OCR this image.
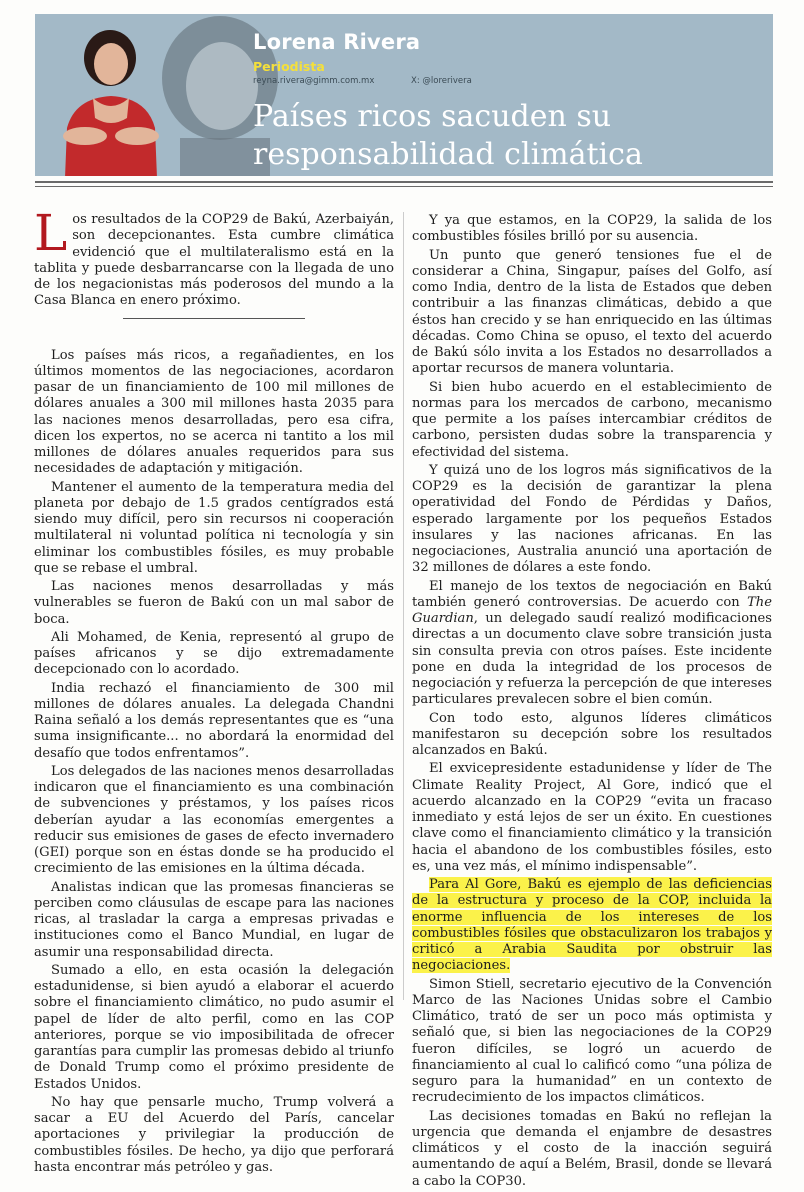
Lorena Rivera
Periodista
reyna.rivera@gimm.com.mx	X: @lorerivera
Países ricos sacuden su responsabilidad climática

Los resultados de la COP29 de Bakú, Azerbaiyán, son decepcionantes. Esta cumbre climática evidenció que el multilateralismo está en la tablita y puede desbarrancarse con la llegada de uno de los negacionistas más poderosos del mundo a la Casa Blanca en enero próximo.

Los países más ricos, a regañadientes, en los últimos momentos de las negociaciones, acordaron pasar de un financiamiento de 100 mil millones de dólares anuales a 300 mil millones hasta 2035 para las naciones menos desarrolladas, pero esa cifra, dicen los expertos, no se acerca ni tantito a los mil millones de dólares anuales requeridos para sus necesidades de adaptación y mitigación.

Mantener el aumento de la temperatura media del planeta por debajo de 1.5 grados centígrados está siendo muy difícil, pero sin recursos ni cooperación multilateral ni voluntad política ni tecnología y sin eliminar los combustibles fósiles, es muy probable que se rebase el umbral.

Las naciones menos desarrolladas y más vulnerables se fueron de Bakú con un mal sabor de boca.

Ali Mohamed, de Kenia, representó al grupo de países africanos y se dijo extremadamente decepcionado con lo acordado.

India rechazó el financiamiento de 300 mil millones de dólares anuales. La delegada Chandni Raina señaló a los demás representantes que es “una suma insignificante... no abordará la enormidad del desafío que todos enfrentamos”.

Los delegados de las naciones menos desarrolladas indicaron que el financiamiento es una combinación de subvenciones y préstamos, y los países ricos deberían ayudar a las economías emergentes a reducir sus emisiones de gases de efecto invernadero (GEI) porque son en éstas donde se ha producido el crecimiento de las emisiones en la última década.

Analistas indican que las promesas financieras se perciben como cláusulas de escape para las naciones ricas, al trasladar la carga a empresas privadas e instituciones como el Banco Mundial, en lugar de asumir una responsabilidad directa.

Sumado a ello, en esta ocasión la delegación estadunidense, si bien ayudó a elaborar el acuerdo sobre el financiamiento climático, no pudo asumir el papel de líder de alto perfil, como en las COP anteriores, porque se vio imposibilitada de ofrecer garantías para cumplir las promesas debido al triunfo de Donald Trump como el próximo presidente de Estados Unidos.

No hay que pensarle mucho, Trump volverá a sacar a EU del Acuerdo del París, cancelar aportaciones y privilegiar la producción de combustibles fósiles. De hecho, ya dijo que perforará hasta encontrar más petróleo y gas.

Y ya que estamos, en la COP29, la salida de los combustibles fósiles brilló por su ausencia.

Un punto que generó tensiones fue el de considerar a China, Singapur, países del Golfo, así como India, dentro de la lista de Estados que deben contribuir a las finanzas climáticas, debido a que éstos han crecido y se han enriquecido en las últimas décadas. Como China se opuso, el texto del acuerdo de Bakú sólo invita a los Estados no desarrollados a aportar recursos de manera voluntaria.

Si bien hubo acuerdo en el establecimiento de normas para los mercados de carbono, mecanismo que permite a los países intercambiar créditos de carbono, persisten dudas sobre la transparencia y efectividad del sistema.

Y quizá uno de los logros más significativos de la COP29 es la decisión de garantizar la plena operatividad del Fondo de Pérdidas y Daños, esperado largamente por los pequeños Estados insulares y las naciones africanas. En las negociaciones, Australia anunció una aportación de 32 millones de dólares a este fondo.

El manejo de los textos de negociación en Bakú también generó controversias. De acuerdo con The Guardian, un delegado saudí realizó modificaciones directas a un documento clave sobre transición justa sin consulta previa con otros países. Este incidente pone en duda la integridad de los procesos de negociación y refuerza la percepción de que intereses particulares prevalecen sobre el bien común.

Con todo esto, algunos líderes climáticos manifestaron su decepción sobre los resultados alcanzados en Bakú.

El exvicepresidente estadunidense y líder de The Climate Reality Project, Al Gore, indicó que el acuerdo alcanzado en la COP29 “evita un fracaso inmediato y está lejos de ser un éxito. En cuestiones clave como el financiamiento climático y la transición hacia el abandono de los combustibles fósiles, esto es, una vez más, el mínimo indispensable”.

Para Al Gore, Bakú es ejemplo de las deficiencias de la estructura y proceso de la COP, incluida la enorme influencia de los intereses de los combustibles fósiles que obstaculizaron los trabajos y criticó a Arabia Saudita por obstruir las negociaciones.

Simon Stiell, secretario ejecutivo de la Convención Marco de las Naciones Unidas sobre el Cambio Climático, trató de ser un poco más optimista y señaló que, si bien las negociaciones de la COP29 fueron difíciles, se logró un acuerdo de financiamiento al cual lo calificó como “una póliza de seguro para la humanidad” en un contexto de recrudecimiento de los impactos climáticos.

Las decisiones tomadas en Bakú no reflejan la urgencia que demanda el enjambre de desastres climáticos y el costo de la inacción seguirá aumentando de aquí a Belém, Brasil, donde se llevará a cabo la COP30.
